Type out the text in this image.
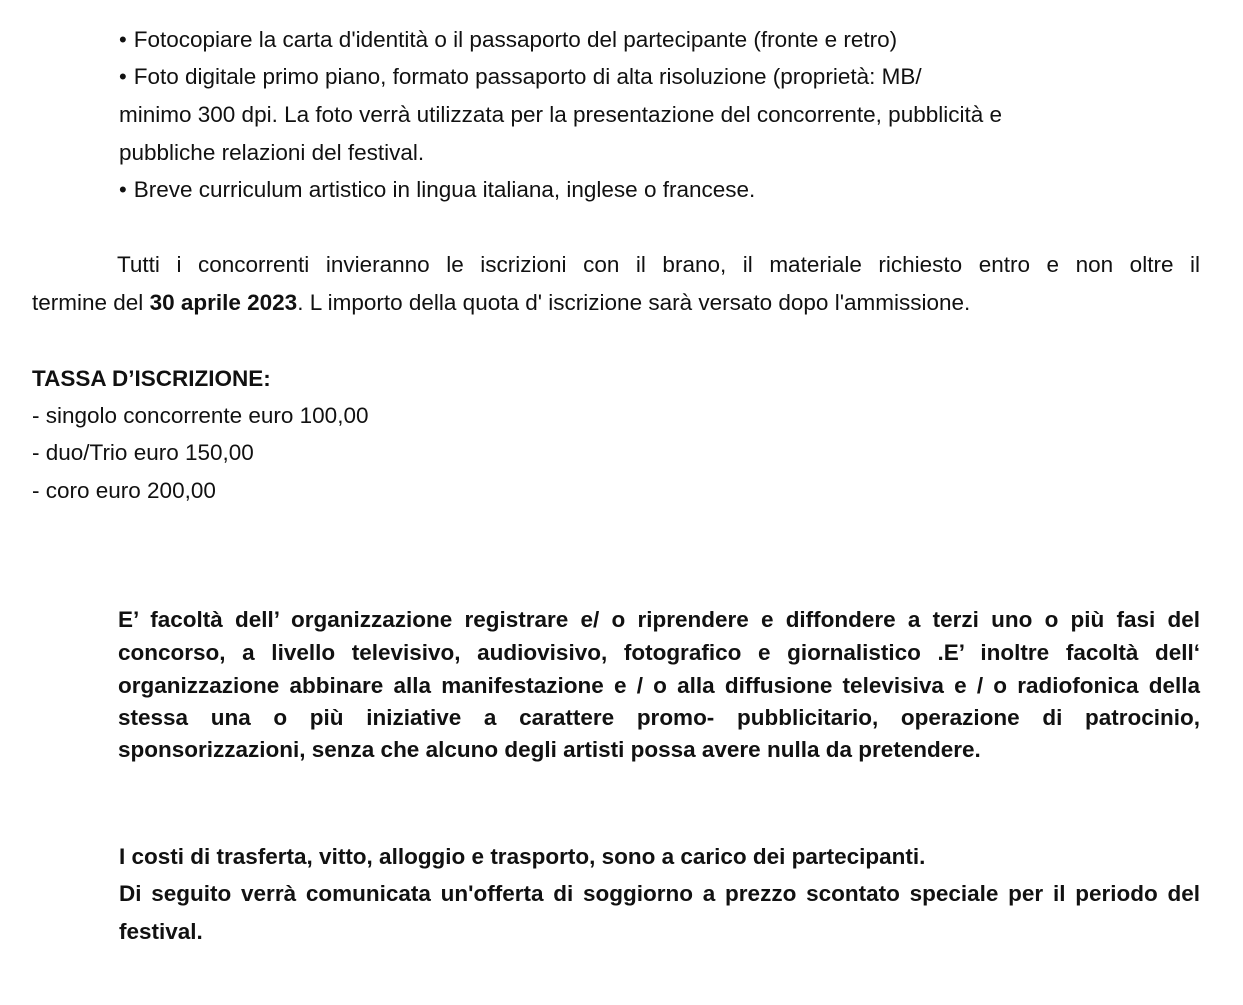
• Fotocopiare la carta d'identità o il passaporto del partecipante (fronte e retro)
• Foto digitale primo piano, formato passaporto di alta risoluzione (proprietà: MB/
minimo 300 dpi. La foto verrà utilizzata per la presentazione del concorrente, pubblicità e
pubbliche relazioni del festival.
• Breve curriculum artistico in lingua italiana, inglese o francese.
Tutti i concorrenti invieranno le iscrizioni con il brano, il materiale richiesto entro e non oltre il
termine del 30 aprile 2023. L importo della quota d' iscrizione sarà versato dopo l'ammissione.
TASSA D’ISCRIZIONE:
- singolo concorrente euro 100,00
- duo/Trio euro 150,00
- coro euro 200,00
E’ facoltà dell’ organizzazione registrare e/ o riprendere e diffondere a terzi uno o più fasi del
concorso, a livello televisivo, audiovisivo, fotografico e giornalistico .E’ inoltre facoltà dell‘
organizzazione abbinare alla manifestazione e / o alla diffusione televisiva e / o radiofonica della
stessa una o più iniziative a carattere promo- pubblicitario, operazione di patrocinio,
sponsorizzazioni, senza che alcuno degli artisti possa avere nulla da pretendere.
I costi di trasferta, vitto, alloggio e trasporto, sono a carico dei partecipanti.
Di seguito verrà comunicata un'offerta di soggiorno a prezzo scontato speciale per il periodo del
festival.
